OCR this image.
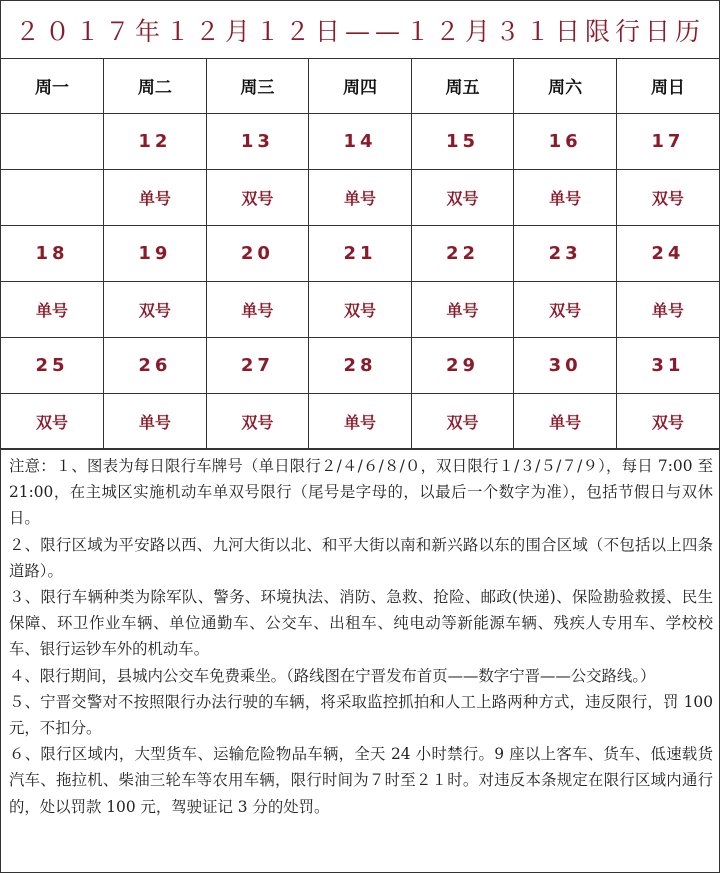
２０１７年１２月１２日——１２月３１日限行日历
周一	周二	周三	周四	周五	周六	周日
	12	13	14	15	16	17
	单号	双号	单号	双号	单号	双号
18	19	20	21	22	23	24
单号	双号	单号	双号	单号	双号	单号
25	26	27	28	29	30	31
双号	单号	双号	单号	双号	单号	双号

注意：１、图表为每日限行车牌号（单日限行２/４/６/８/０，双日限行１/３/５/７/９），每日 7:00 至 21:00，在主城区实施机动车单双号限行（尾号是字母的，以最后一个数字为准），包括节假日与双休日。

２、限行区域为平安路以西、九河大街以北、和平大街以南和新兴路以东的围合区域（不包括以上四条道路）。

３、限行车辆种类为除军队、警务、环境执法、消防、急救、抢险、邮政(快递)、保险勘验救援、民生保障、环卫作业车辆、单位通勤车、公交车、出租车、纯电动等新能源车辆、残疾人专用车、学校校车、银行运钞车外的机动车。

４、限行期间，县城内公交车免费乘坐。（路线图在宁晋发布首页——数字宁晋——公交路线。）

５、宁晋交警对不按照限行办法行驶的车辆，将采取监控抓拍和人工上路两种方式，违反限行，罚 100 元，不扣分。

６、限行区域内，大型货车、运输危险物品车辆，全天 24 小时禁行。9 座以上客车、货车、低速载货汽车、拖拉机、柴油三轮车等农用车辆，限行时间为７时至２１时。对违反本条规定在限行区域内通行的，处以罚款 100 元，驾驶证记 3 分的处罚。
